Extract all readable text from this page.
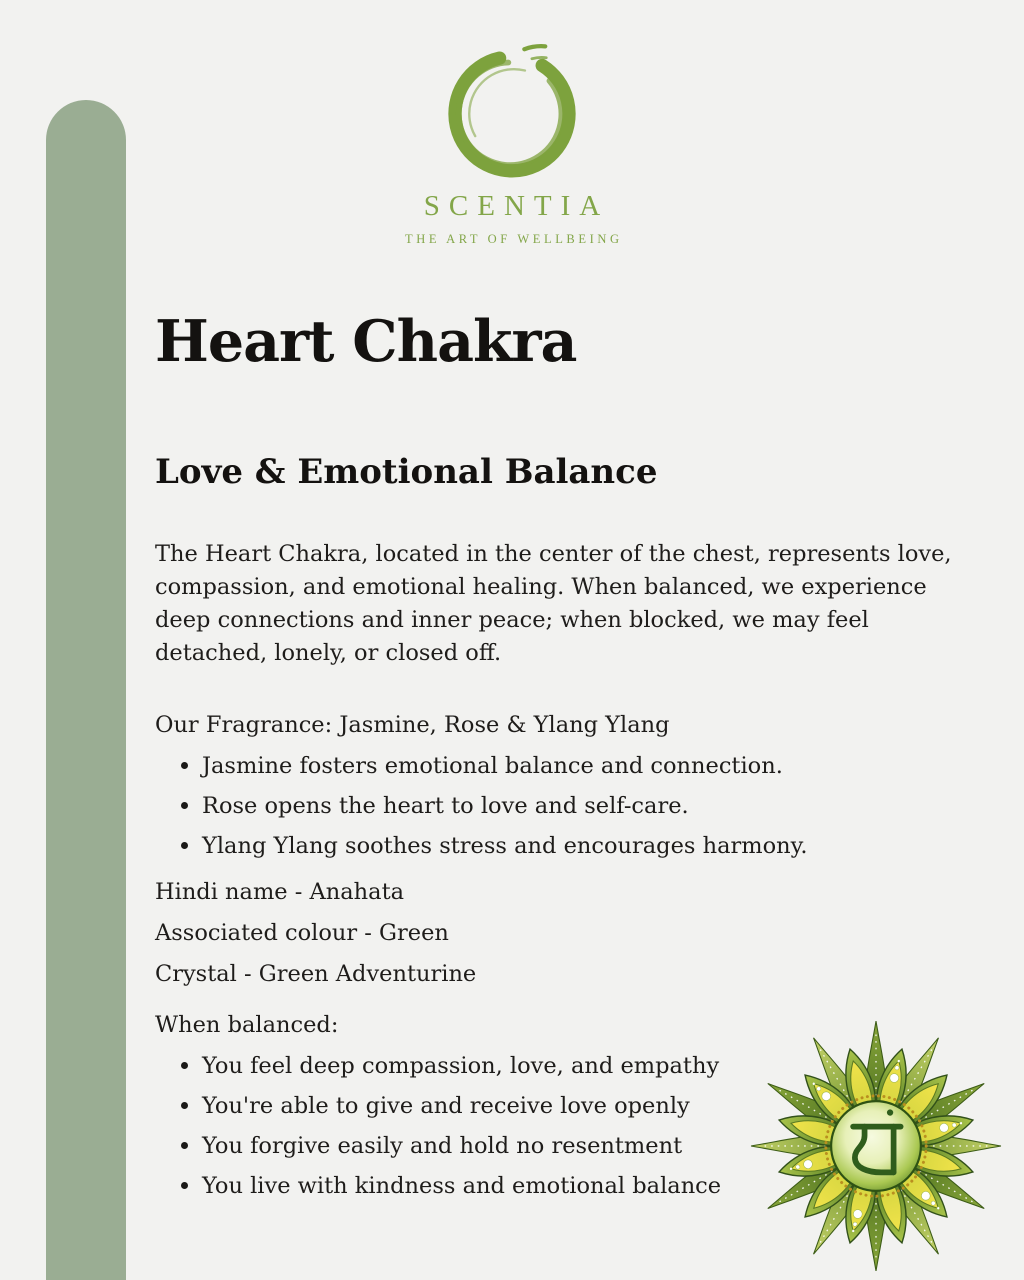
SCENTIA
THE ART OF WELLBEING
Heart Chakra
Love & Emotional Balance
The Heart Chakra, located in the center of the chest, represents love, compassion, and emotional healing. When balanced, we experience deep connections and inner peace; when blocked, we may feel detached, lonely, or closed off.
Our Fragrance: Jasmine, Rose & Ylang Ylang
Jasmine fosters emotional balance and connection.
Rose opens the heart to love and self-care.
Ylang Ylang soothes stress and encourages harmony.
Hindi name - Anahata
Associated colour - Green
Crystal - Green Adventurine
When balanced:
You feel deep compassion, love, and empathy
You're able to give and receive love openly
You forgive easily and hold no resentment
You live with kindness and emotional balance
